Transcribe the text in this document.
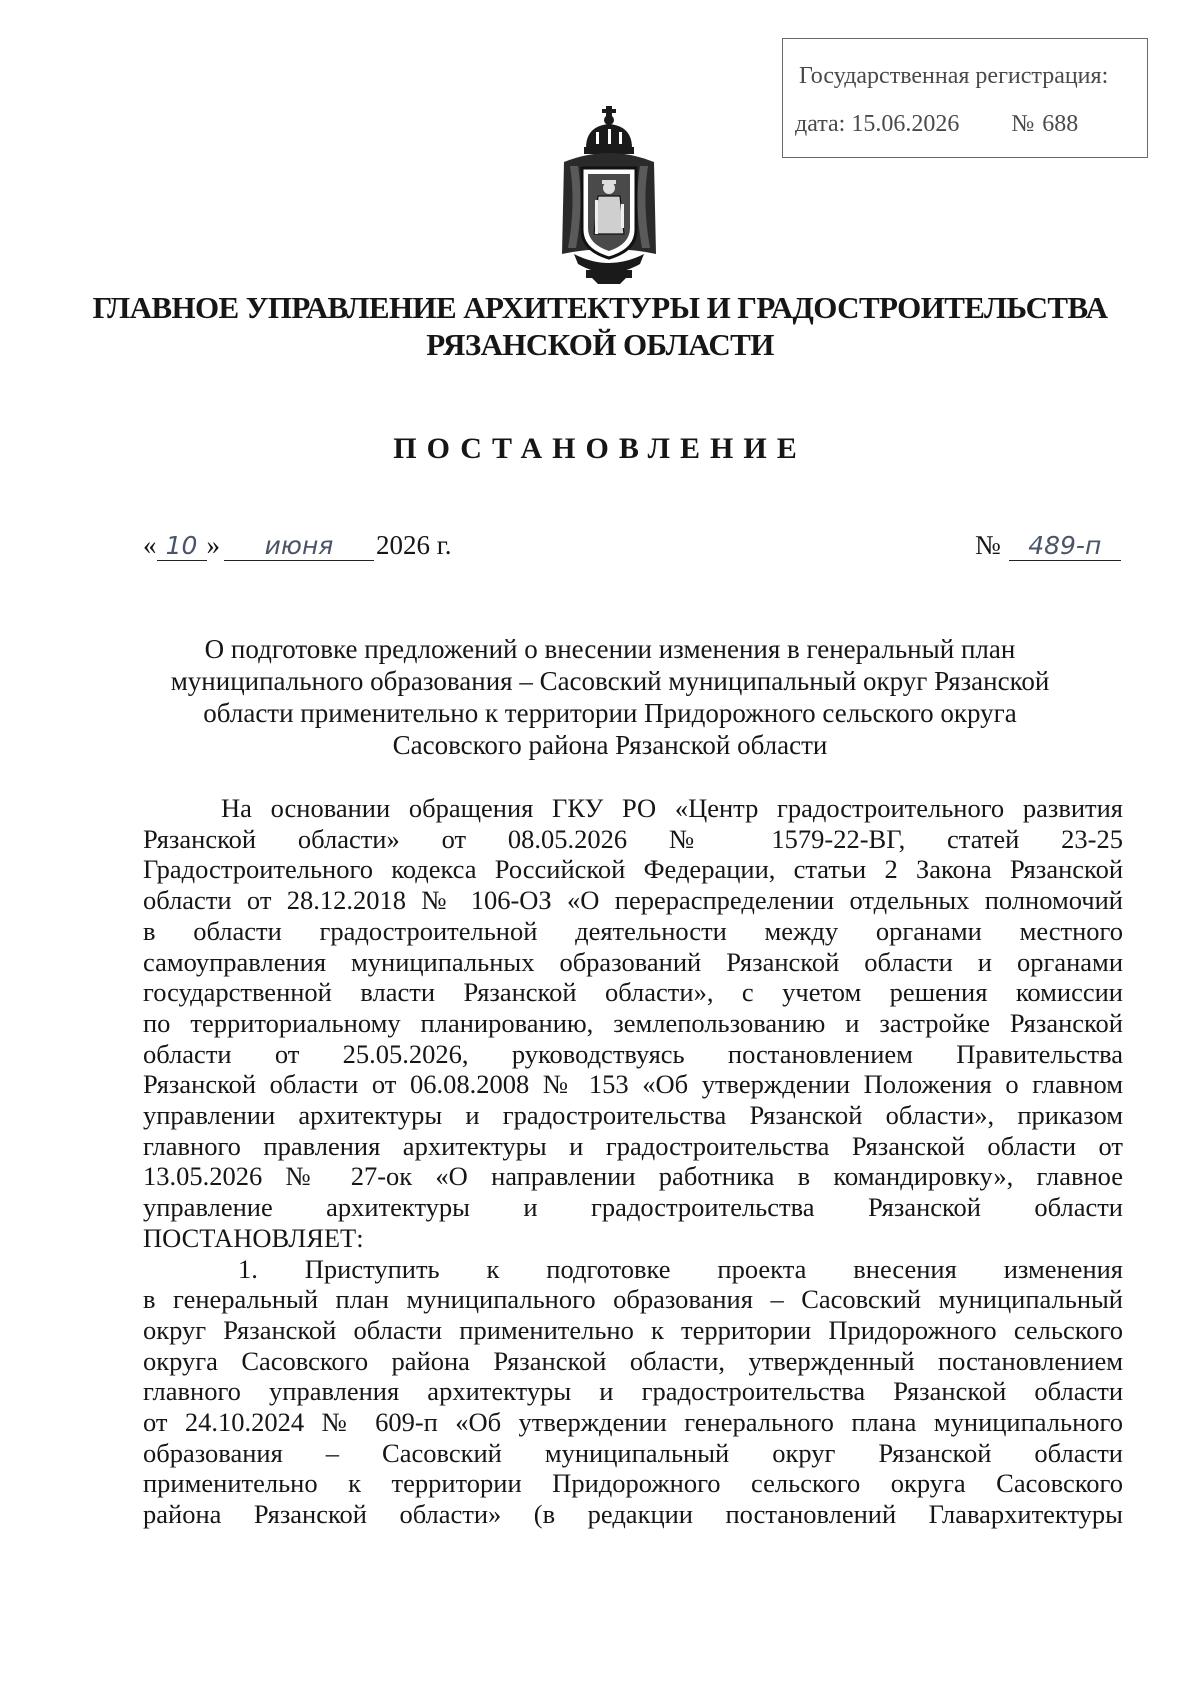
Государственная регистрация:
дата: 15.06.2026 № 688
ГЛАВНОЕ УПРАВЛЕНИЕ АРХИТЕКТУРЫ И ГРАДОСТРОИТЕЛЬСТВА
РЯЗАНСКОЙ ОБЛАСТИ
ПОСТАНОВЛЕНИЕ
« 10 » июня 2026 г.	№ 489-п
О подготовке предложений о внесении изменения в генеральный план
муниципального образования – Сасовский муниципальный округ Рязанской
области применительно к территории Придорожного сельского округа
Сасовского района Рязанской области
На основании обращения ГКУ РО «Центр градостроительного развития
Рязанской области» от 08.05.2026 № 1579-22-ВГ, статей 23-25
Градостроительного кодекса Российской Федерации, статьи 2 Закона Рязанской
области от 28.12.2018 № 106-ОЗ «О перераспределении отдельных полномочий
в области градостроительной деятельности между органами местного
самоуправления муниципальных образований Рязанской области и органами
государственной власти Рязанской области», с учетом решения комиссии
по территориальному планированию, землепользованию и застройке Рязанской
области от 25.05.2026, руководствуясь постановлением Правительства
Рязанской области от 06.08.2008 № 153 «Об утверждении Положения о главном
управлении архитектуры и градостроительства Рязанской области», приказом
главного правления архитектуры и градостроительства Рязанской области от
13.05.2026 № 27-ок «О направлении работника в командировку», главное
управление архитектуры и градостроительства Рязанской области
ПОСТАНОВЛЯЕТ:
1. Приступить к подготовке проекта внесения изменения
в генеральный план муниципального образования – Сасовский муниципальный
округ Рязанской области применительно к территории Придорожного сельского
округа Сасовского района Рязанской области, утвержденный постановлением
главного управления архитектуры и градостроительства Рязанской области
от 24.10.2024 № 609-п «Об утверждении генерального плана муниципального
образования – Сасовский муниципальный округ Рязанской области
применительно к территории Придорожного сельского округа Сасовского
района Рязанской области» (в редакции постановлений Главархитектуры
